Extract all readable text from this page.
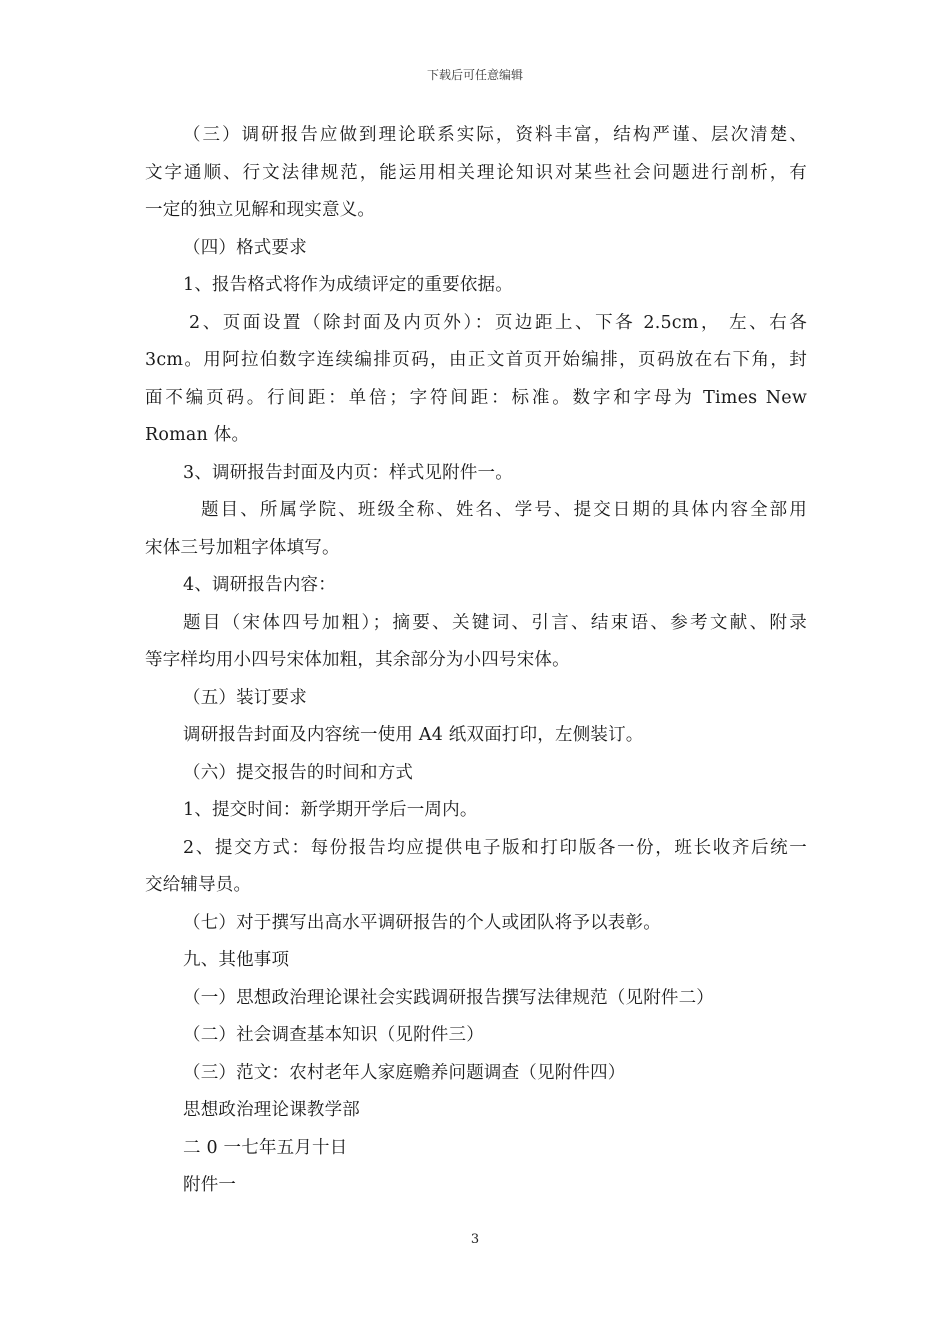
下载后可任意编辑
（三）调研报告应做到理论联系实际，资料丰富，结构严谨、层次清楚、
文字通顺、行文法律规范，能运用相关理论知识对某些社会问题进行剖析，有
一定的独立见解和现实意义。
（四）格式要求
1、报告格式将作为成绩评定的重要依据。
2、页面设置（除封面及内页外）：页边距上、下各 2.5cm， 左、右各
3cm。用阿拉伯数字连续编排页码，由正文首页开始编排，页码放在右下角，封
面不编页码。行间距：单倍；字符间距：标准。数字和字母为 Times New
Roman 体。
3、调研报告封面及内页：样式见附件一。
题目、所属学院、班级全称、姓名、学号、提交日期的具体内容全部用
宋体三号加粗字体填写。
4、调研报告内容：
题目（宋体四号加粗）；摘要、关键词、引言、结束语、参考文献、附录
等字样均用小四号宋体加粗，其余部分为小四号宋体。
（五）装订要求
调研报告封面及内容统一使用 A4 纸双面打印，左侧装订。
（六）提交报告的时间和方式
1、提交时间：新学期开学后一周内。
2、提交方式：每份报告均应提供电子版和打印版各一份，班长收齐后统一
交给辅导员。
（七）对于撰写出高水平调研报告的个人或团队将予以表彰。
九、其他事项
（一）思想政治理论课社会实践调研报告撰写法律规范（见附件二）
（二）社会调查基本知识（见附件三）
（三）范文：农村老年人家庭赡养问题调查（见附件四）
思想政治理论课教学部
二 0 一七年五月十日
附件一
3
